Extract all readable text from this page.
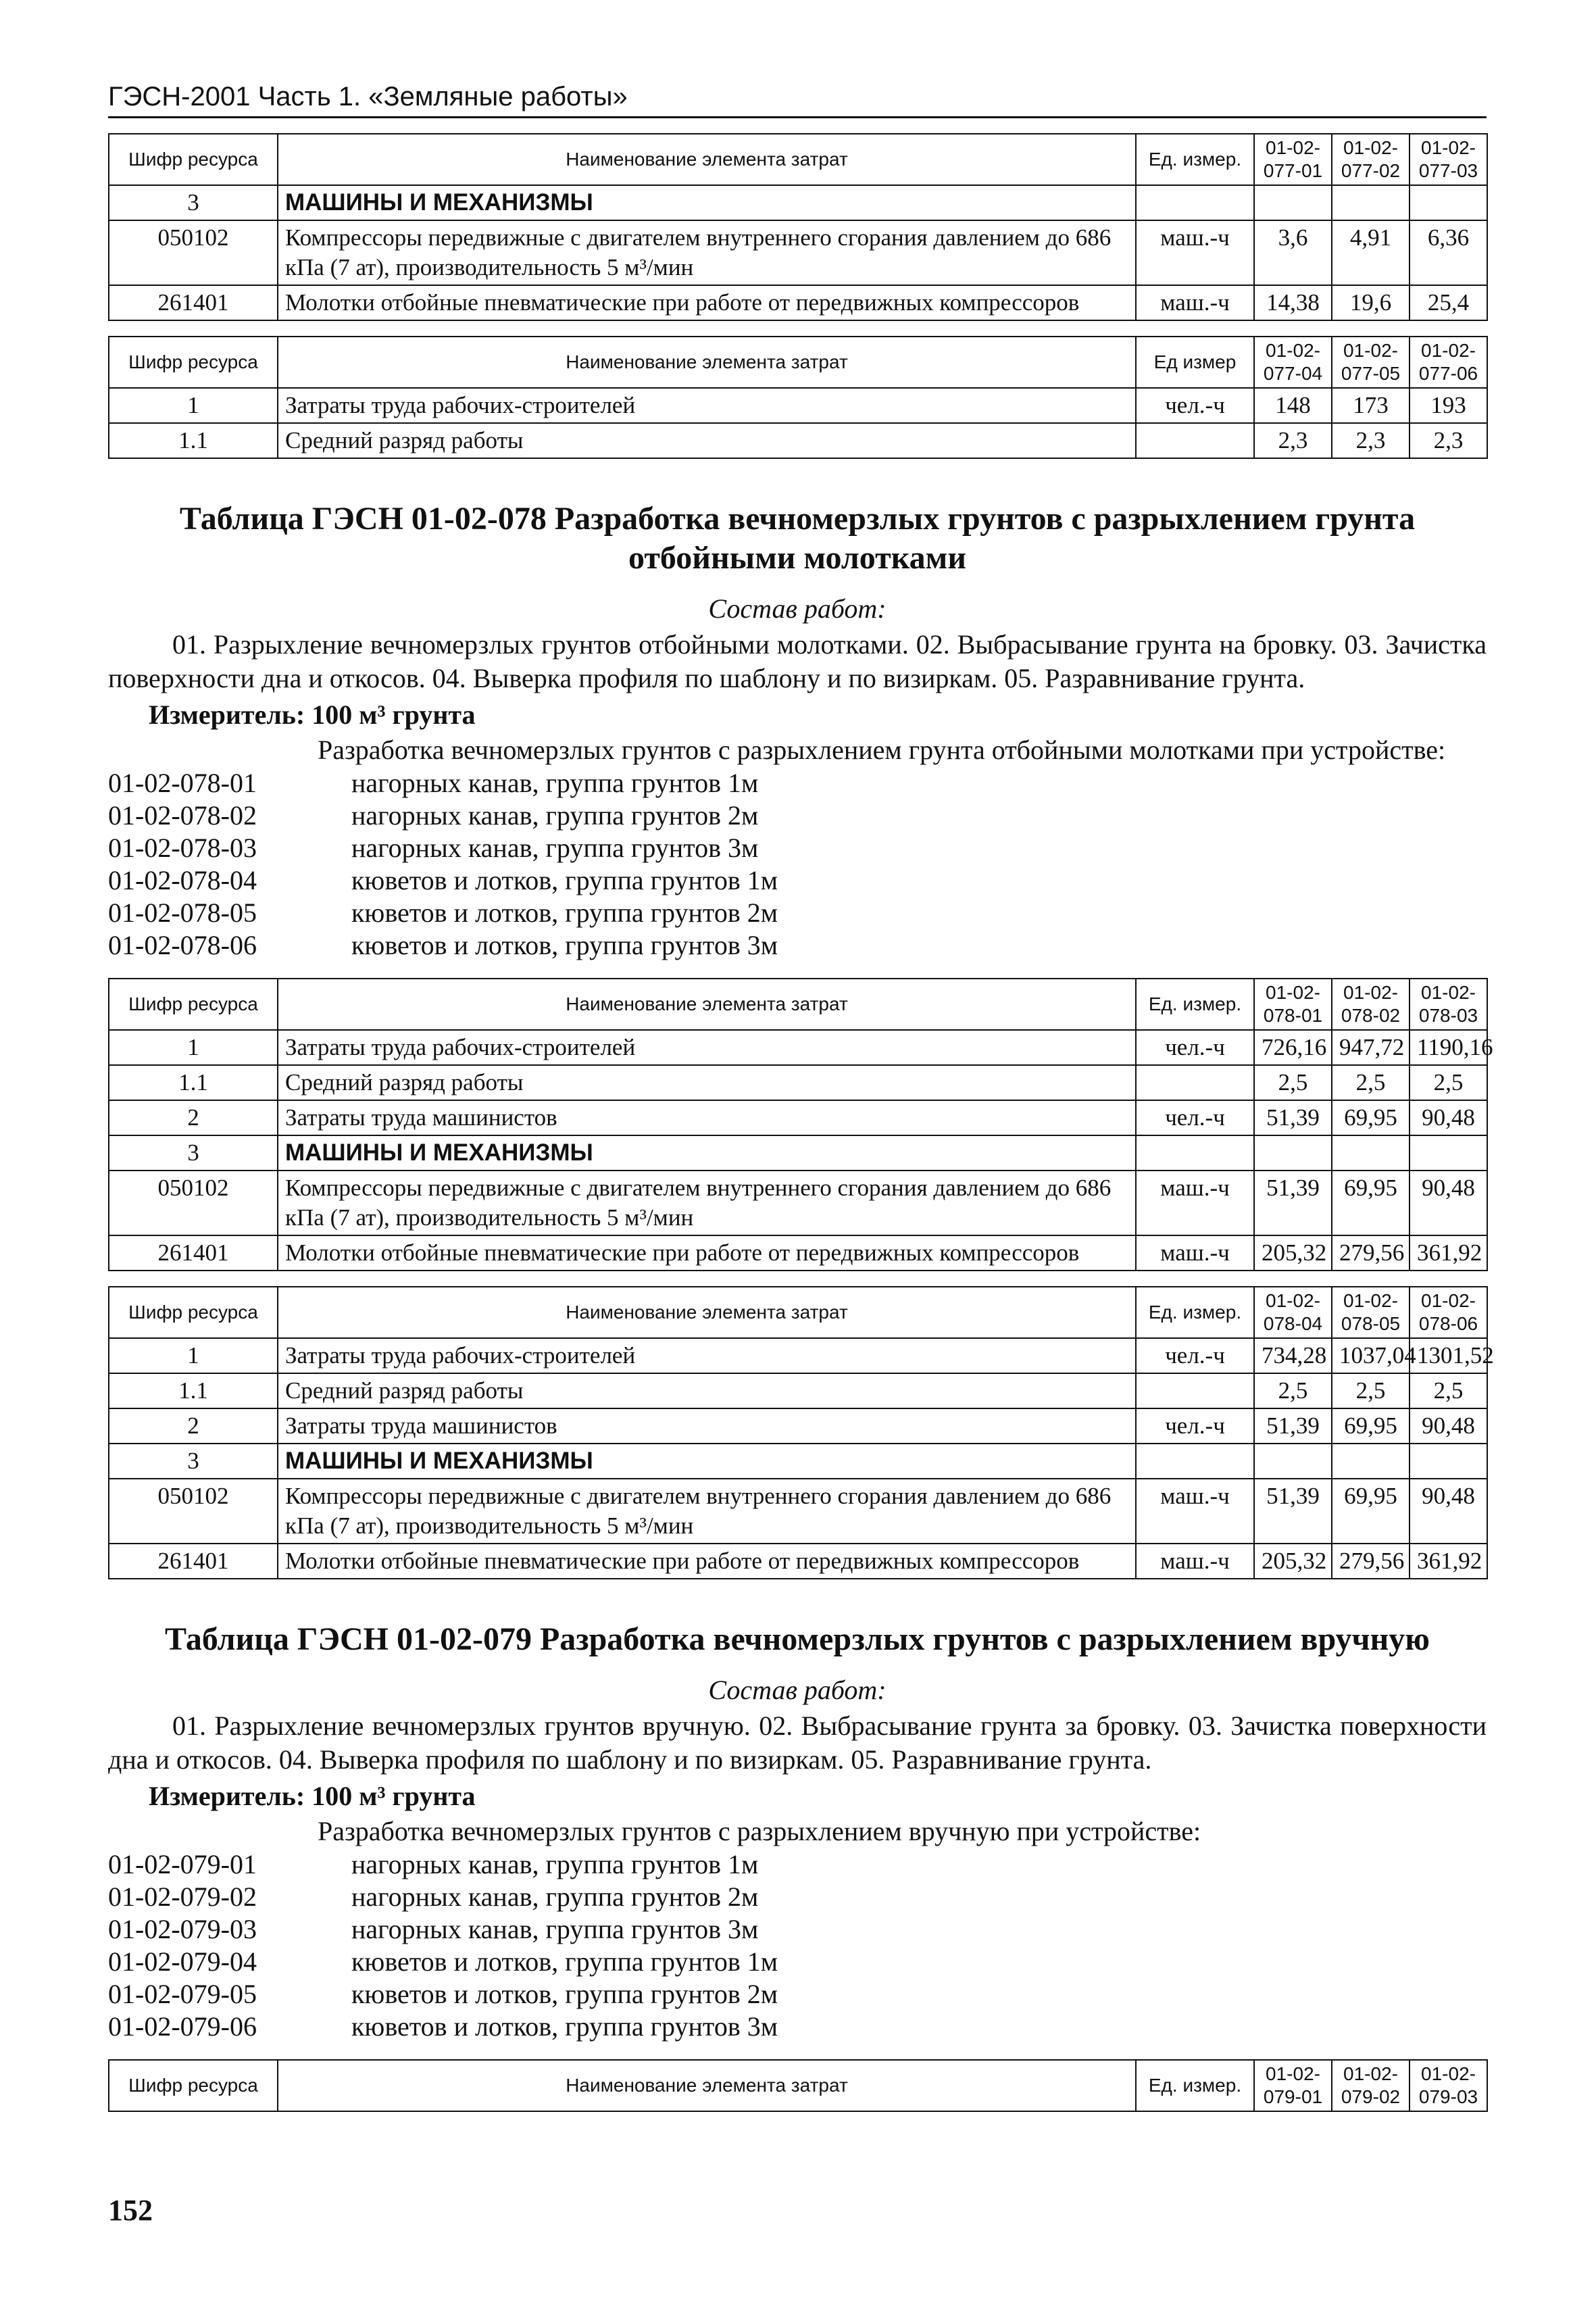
ГЭСН-2001 Часть 1. «Земляные работы»
Шифр ресурса	Наименование элемента затрат	Ед. измер.	01-02-077-01	01-02-077-02	01-02-077-03
3	МАШИНЫ И МЕХАНИЗМЫ				
050102	Компрессоры передвижные с двигателем внутреннего сгорания давлением до 686 кПа (7 ат), производительность 5 м³/мин	маш.-ч	3,6	4,91	6,36
261401	Молотки отбойные пневматические при работе от передвижных компрессоров	маш.-ч	14,38	19,6	25,4
Шифр ресурса	Наименование элемента затрат	Ед измер	01-02-077-04	01-02-077-05	01-02-077-06
1	Затраты труда рабочих-строителей	чел.-ч	148	173	193
1.1	Средний разряд работы		2,3	2,3	2,3
Таблица ГЭСН 01-02-078 Разработка вечномерзлых грунтов с разрыхлением грунта отбойными молотками
Состав работ:

01. Разрыхление вечномерзлых грунтов отбойными молотками. 02. Выбрасывание грунта на бровку. 03. Зачистка поверхности дна и откосов. 04. Выверка профиля по шаблону и по визиркам. 05. Разравнивание грунта.

Измеритель: 100 м³ грунта
Разработка вечномерзлых грунтов с разрыхлением грунта отбойными молотками при устройстве:
01-02-078-01	нагорных канав, группа грунтов 1м
01-02-078-02	нагорных канав, группа грунтов 2м
01-02-078-03	нагорных канав, группа грунтов 3м
01-02-078-04	кюветов и лотков, группа грунтов 1м
01-02-078-05	кюветов и лотков, группа грунтов 2м
01-02-078-06	кюветов и лотков, группа грунтов 3м
Шифр ресурса	Наименование элемента затрат	Ед. измер.	01-02-078-01	01-02-078-02	01-02-078-03
1	Затраты труда рабочих-строителей	чел.-ч	726,16	947,72	1190,16
1.1	Средний разряд работы		2,5	2,5	2,5
2	Затраты труда машинистов	чел.-ч	51,39	69,95	90,48
3	МАШИНЫ И МЕХАНИЗМЫ				
050102	Компрессоры передвижные с двигателем внутреннего сгорания давлением до 686 кПа (7 ат), производительность 5 м³/мин	маш.-ч	51,39	69,95	90,48
261401	Молотки отбойные пневматические при работе от передвижных компрессоров	маш.-ч	205,32	279,56	361,92
Шифр ресурса	Наименование элемента затрат	Ед. измер.	01-02-078-04	01-02-078-05	01-02-078-06
1	Затраты труда рабочих-строителей	чел.-ч	734,28	1037,04	1301,52
1.1	Средний разряд работы		2,5	2,5	2,5
2	Затраты труда машинистов	чел.-ч	51,39	69,95	90,48
3	МАШИНЫ И МЕХАНИЗМЫ				
050102	Компрессоры передвижные с двигателем внутреннего сгорания давлением до 686 кПа (7 ат), производительность 5 м³/мин	маш.-ч	51,39	69,95	90,48
261401	Молотки отбойные пневматические при работе от передвижных компрессоров	маш.-ч	205,32	279,56	361,92
Таблица ГЭСН 01-02-079 Разработка вечномерзлых грунтов с разрыхлением вручную
Состав работ:

01. Разрыхление вечномерзлых грунтов вручную. 02. Выбрасывание грунта за бровку. 03. Зачистка поверхности дна и откосов. 04. Выверка профиля по шаблону и по визиркам. 05. Разравнивание грунта.

Измеритель: 100 м³ грунта
Разработка вечномерзлых грунтов с разрыхлением вручную при устройстве:
01-02-079-01	нагорных канав, группа грунтов 1м
01-02-079-02	нагорных канав, группа грунтов 2м
01-02-079-03	нагорных канав, группа грунтов 3м
01-02-079-04	кюветов и лотков, группа грунтов 1м
01-02-079-05	кюветов и лотков, группа грунтов 2м
01-02-079-06	кюветов и лотков, группа грунтов 3м
Шифр ресурса	Наименование элемента затрат	Ед. измер.	01-02-079-01	01-02-079-02	01-02-079-03
152
